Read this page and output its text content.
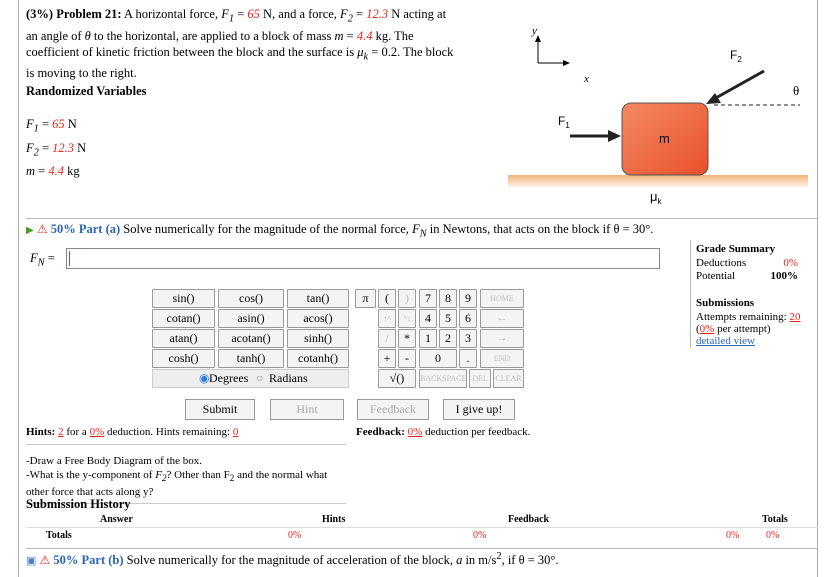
(3%) Problem 21: A horizontal force, $F_1 = 65$ N, and a force, $F_2 = 12.3$ N acting at
an angle of θ to the horizontal, are applied to a block of mass m = 4.4 kg. The
coefficient of kinetic friction between the block and the surface is $\mu_k = 0.2$. The block
is moving to the right.
Randomized Variables
$F_1 = 65$ N
$F_2 = 12.3$ N
m = 4.4 kg
y
x
m
$F_1$
$F_2$
θ
$\mu_k$
▶ ⚠ 50% Part (a) Solve numerically for the magnitude of the normal force, $F_N$ in Newtons, that acts on the block if θ = 30°.
$F_N$ =
Grade Summary
Deductions	0%
Potential	100%
Submissions
Attempts remaining: 20
(0% per attempt)
detailed view
sin()	cos()	tan()
cotan()	asin()	acos()
atan()	acotan()	sinh()
cosh()	tanh()	cotanh()
◉ Degrees ○ Radians
π	(	)
↑^	^↓
/	*
+	-
√()
7	8	9
4	5	6
1	2	3
0	.
HOME
←
→
END
BACKSPACE DEL CLEAR
Submit	Hint	Feedback	I give up!
Hints: 2 for a 0% deduction. Hints remaining: 0
-Draw a Free Body Diagram of the box.
-What is the y-component of $F_2$? Other than $F_2$ and the normal what
other force that acts along y?
Feedback: 0% deduction per feedback.
Submission History
Answer	Hints	Feedback	Totals
Totals	0%	0%	0%	0%
▣ ⚠ 50% Part (b) Solve numerically for the magnitude of acceleration of the block, a in $m/s^2$, if θ = 30°.
